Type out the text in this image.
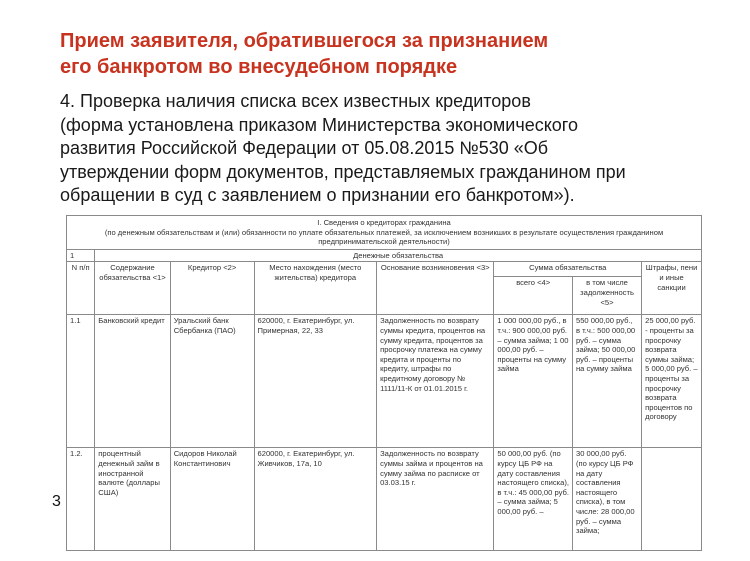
Прием заявителя, обратившегося за признанием
его банкротом во внесудебном порядке
4. Проверка наличия списка всех известных кредиторов
(форма установлена приказом Министерства экономического
развития Российской Федерации от 05.08.2015 №530 «Об
утверждении форм документов, представляемых гражданином при
обращении в суд с заявлением о признании его банкротом»).
3
I. Сведения о кредиторах гражданина
(по денежным обязательствам и (или) обязанности по уплате обязательных платежей, за исключением возникших в результате осуществления гражданином предпринимательской деятельности)							

1	Денежные обязательства						
N п/п	Содержание обязательства <1>	Кредитор <2>	Место нахождения (место жительства) кредитора	Основание возникновения <3>	Сумма обязательства		Штрафы, пени и иные санкции
					всего <4>	в том числе задолженность <5>	
1.1	Банковский кредит	Уральский банк Сбербанка (ПАО)	620000, г. Екатеринбург, ул. Примерная, 22, 33	Задолженность по возврату суммы кредита, процентов на сумму кредита, процентов за просрочку платежа на сумму кредита и проценты по кредиту, штрафы по кредитному договору № 1111/11-К от 01.01.2015 г.	1 000 000,00 руб., в т.ч.: 900 000,00 руб. – сумма займа; 1 00 000,00 руб. – проценты на сумму займа	550 000,00 руб., в т.ч.: 500 000,00 руб. – сумма займа; 50 000,00 руб. – проценты на сумму займа	25 000,00 руб. - проценты за просрочку возврата суммы займа; 5 000,00 руб. – проценты за просрочку возврата процентов по договору
1.2.	процентный денежный займ в иностранной валюте (доллары США)	Сидоров Николай Константинович	620000, г. Екатеринбург, ул. Живчиков, 17а, 10	Задолженность по возврату суммы займа и процентов на сумму займа по расписке от 03.03.15 г.	50 000,00 руб. (по курсу ЦБ РФ на дату составления настоящего списка), в т.ч.: 45 000,00 руб. – сумма займа; 5 000,00 руб. –	30 000,00 руб. (по курсу ЦБ РФ на дату составления настоящего списка), в том числе: 28 000,00 руб. – сумма займа;	
